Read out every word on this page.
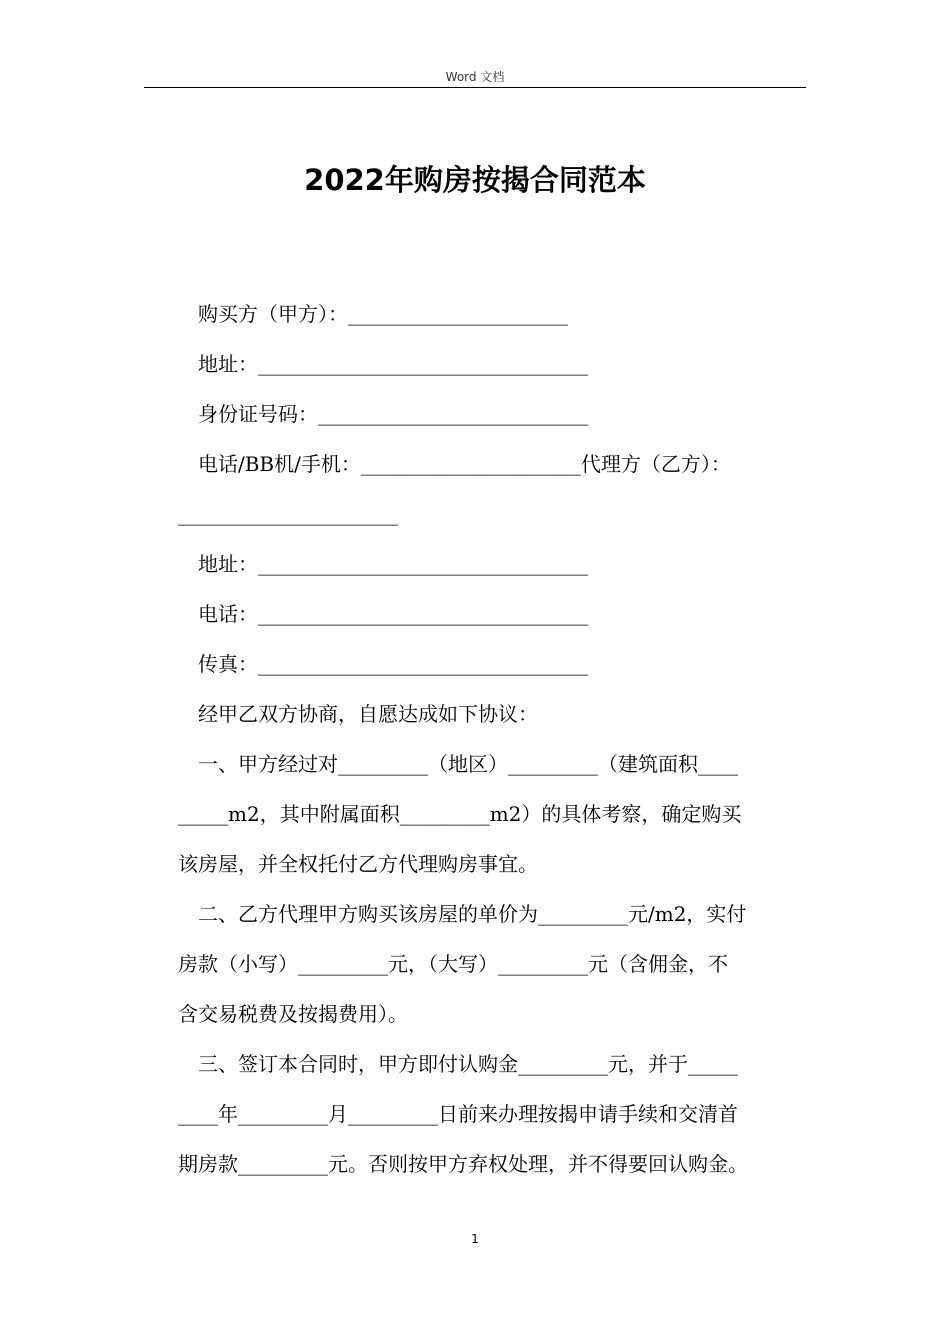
Word 文档
2022年购房按揭合同范本
购买方（甲方）：______________________
地址：_________________________________
身份证号码：___________________________
电话/BB机/手机：______________________代理方（乙方）：
______________________
地址：_________________________________
电话：_________________________________
传真：_________________________________
经甲乙双方协商，自愿达成如下协议：
一、甲方经过对_________（地区）_________（建筑面积____
_____m2，其中附属面积_________m2）的具体考察，确定购买
该房屋，并全权托付乙方代理购房事宜。
二、乙方代理甲方购买该房屋的单价为_________元/m2，实付
房款（小写）_________元，（大写）_________元（含佣金，不
含交易税费及按揭费用）。
三、签订本合同时，甲方即付认购金_________元，并于_____
____年_________月_________日前来办理按揭申请手续和交清首
期房款_________元。否则按甲方弃权处理，并不得要回认购金。
1
